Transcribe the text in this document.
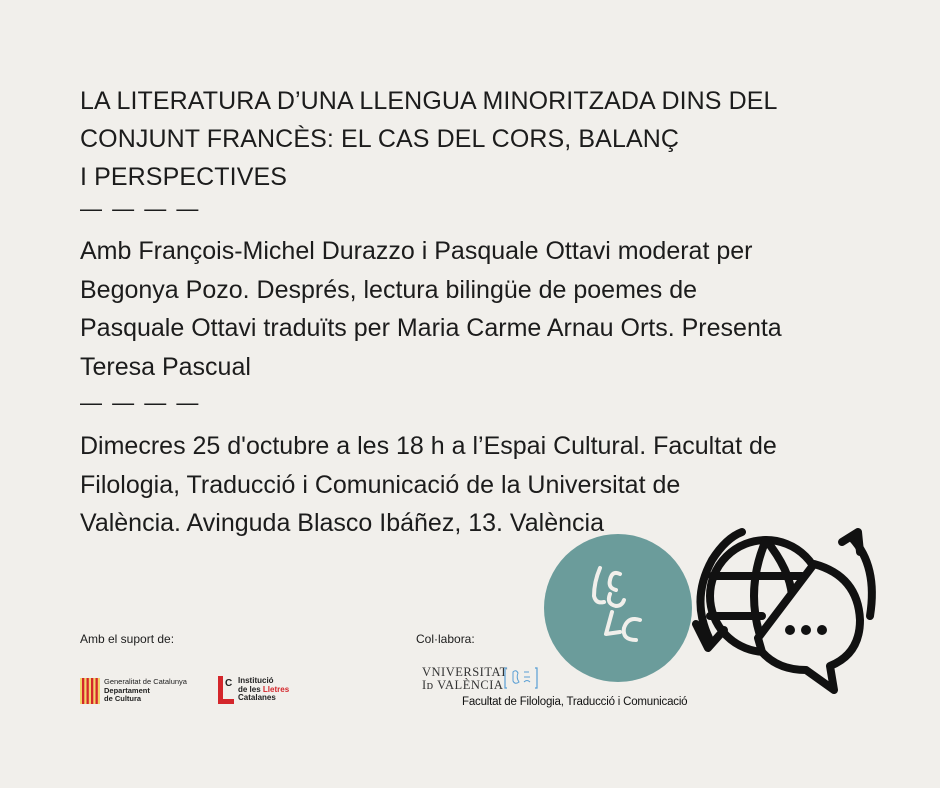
LA LITERATURA D’UNA LLENGUA MINORITZADA DINS DEL
CONJUNT FRANCÈS: EL CAS DEL CORS, BALANÇ
I PERSPECTIVES
— — — —
Amb François-Michel Durazzo i Pasquale Ottavi moderat per
Begonya Pozo. Després, lectura bilingüe de poemes de
Pasquale Ottavi traduïts per Maria Carme Arnau Orts. Presenta
Teresa Pascual
— — — —
Dimecres 25 d'octubre a les 18 h a l’Espai Cultural. Facultat de
Filologia, Traducció i Comunicació de la Universitat de
València. Avinguda Blasco Ibáñez, 13. València
Amb el suport de:	Col·labora:
Generalitat de Catalunya
Departament
de Cultura
C Institució
de les Lletres
Catalanes
VNIVERSITAT
Iᴅ VALÈNCIA
Facultat de Filologia, Traducció i Comunicació
